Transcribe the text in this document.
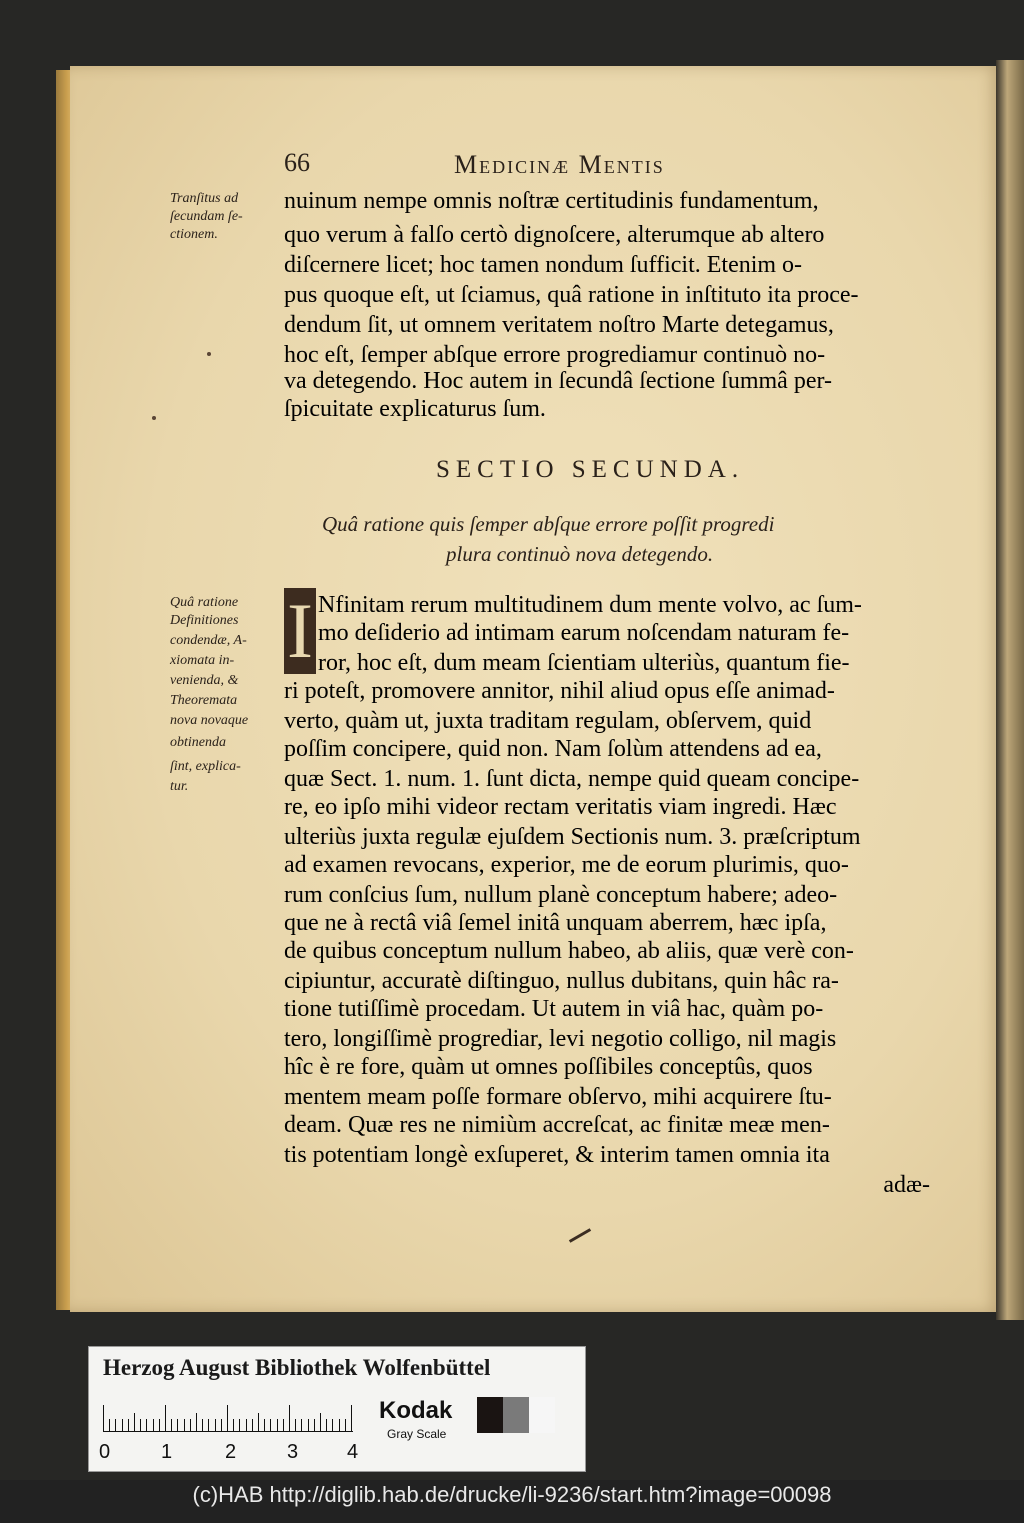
66	Medicinæ Mentis
Tranſitus ad
ſecundam ſe-
ctionem.
nuinum nempe omnis noſtræ certitudinis fundamentum,
quo verum à falſo certò dignoſcere, alterumque ab altero
diſcernere licet; hoc tamen nondum ſufficit. Etenim o-
pus quoque eſt, ut ſciamus, quâ ratione in inſtituto ita proce-
dendum ſit, ut omnem veritatem noſtro Marte detegamus,
hoc eſt, ſemper abſque errore progrediamur continuò no-
va detegendo. Hoc autem in ſecundâ ſectione ſummâ per-
ſpicuitate explicaturus ſum.
SECTIO SECUNDA.
Quâ ratione quis ſemper abſque errore poſſit progredi
plura continuò nova detegendo.
I
Quâ ratione
Definitiones
condendæ, A-
xiomata in-
venienda, &
Theoremata
nova novaque
obtinenda
ſint, explica-
tur.
Nfinitam rerum multitudinem dum mente volvo, ac ſum-
mo deſiderio ad intimam earum noſcendam naturam fe-
ror, hoc eſt, dum meam ſcientiam ulteriùs, quantum fie-
ri poteſt, promovere annitor, nihil aliud opus eſſe animad-
verto, quàm ut, juxta traditam regulam, obſervem, quid
poſſim concipere, quid non. Nam ſolùm attendens ad ea,
quæ Sect. 1. num. 1. ſunt dicta, nempe quid queam concipe-
re, eo ipſo mihi videor rectam veritatis viam ingredi. Hæc
ulteriùs juxta regulæ ejuſdem Sectionis num. 3. præſcriptum
ad examen revocans, experior, me de eorum plurimis, quo-
rum conſcius ſum, nullum planè conceptum habere; adeo-
que ne à rectâ viâ ſemel initâ unquam aberrem, hæc ipſa,
de quibus conceptum nullum habeo, ab aliis, quæ verè con-
cipiuntur, accuratè diſtinguo, nullus dubitans, quin hâc ra-
tione tutiſſimè procedam. Ut autem in viâ hac, quàm po-
tero, longiſſimè progrediar, levi negotio colligo, nil magis
hîc è re fore, quàm ut omnes poſſibiles conceptûs, quos
mentem meam poſſe formare obſervo, mihi acquirere ſtu-
deam. Quæ res ne nimiùm accreſcat, ac finitæ meæ men-
tis potentiam longè exſuperet, & interim tamen omnia ita
adæ-
Herzog August Bibliothek Wolfenbüttel
0	1	2	3 4
Kodak
Gray Scale
(c)HAB http://diglib.hab.de/drucke/li-9236/start.htm?image=00098
